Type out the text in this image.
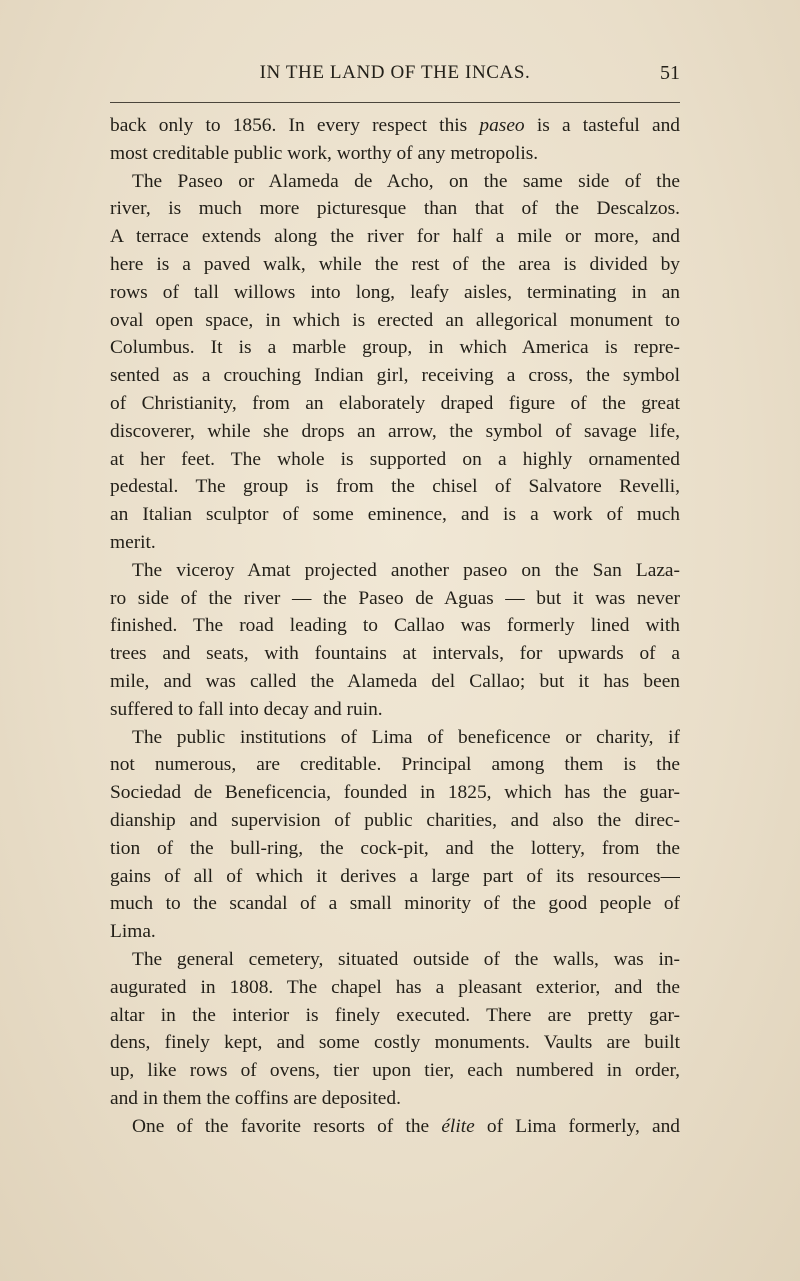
IN THE LAND OF THE INCAS.	51
back only to 1856. In every respect this paseo is a tasteful and
most creditable public work, worthy of any metropolis.
The Paseo or Alameda de Acho, on the same side of the
river, is much more picturesque than that of the Descalzos.
A terrace extends along the river for half a mile or more, and
here is a paved walk, while the rest of the area is divided by
rows of tall willows into long, leafy aisles, terminating in an
oval open space, in which is erected an allegorical monument to
Columbus. It is a marble group, in which America is repre-
sented as a crouching Indian girl, receiving a cross, the symbol
of Christianity, from an elaborately draped figure of the great
discoverer, while she drops an arrow, the symbol of savage life,
at her feet. The whole is supported on a highly ornamented
pedestal. The group is from the chisel of Salvatore Revelli,
an Italian sculptor of some eminence, and is a work of much
merit.
The viceroy Amat projected another paseo on the San Laza-
ro side of the river — the Paseo de Aguas — but it was never
finished. The road leading to Callao was formerly lined with
trees and seats, with fountains at intervals, for upwards of a
mile, and was called the Alameda del Callao; but it has been
suffered to fall into decay and ruin.
The public institutions of Lima of beneficence or charity, if
not numerous, are creditable. Principal among them is the
Sociedad de Beneficencia, founded in 1825, which has the guar-
dianship and supervision of public charities, and also the direc-
tion of the bull-ring, the cock-pit, and the lottery, from the
gains of all of which it derives a large part of its resources—
much to the scandal of a small minority of the good people of
Lima.
The general cemetery, situated outside of the walls, was in-
augurated in 1808. The chapel has a pleasant exterior, and the
altar in the interior is finely executed. There are pretty gar-
dens, finely kept, and some costly monuments. Vaults are built
up, like rows of ovens, tier upon tier, each numbered in order,
and in them the coffins are deposited.
One of the favorite resorts of the élite of Lima formerly, and
